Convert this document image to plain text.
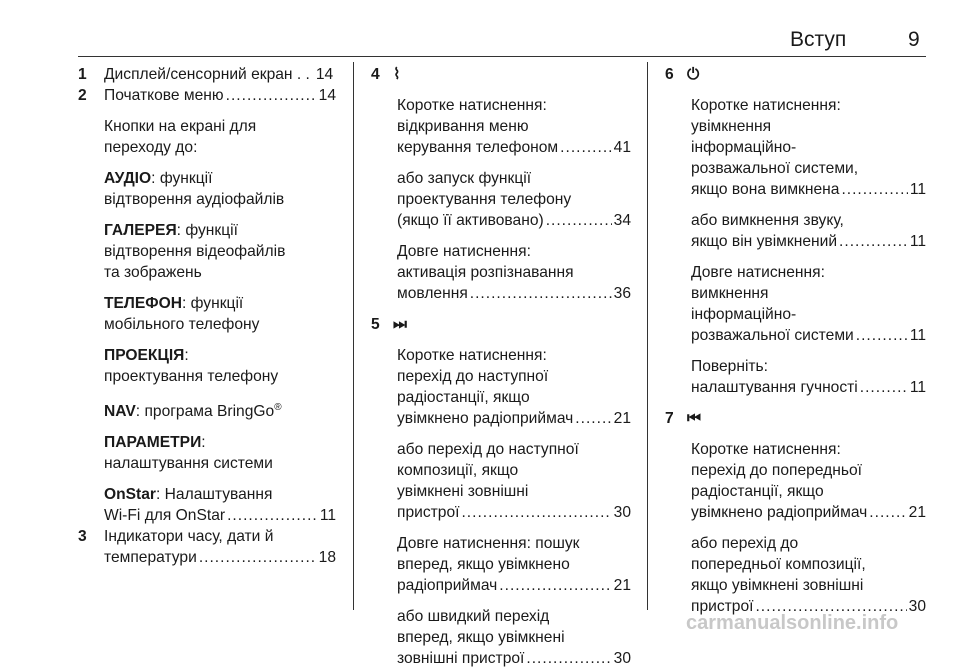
Вступ	9
1 Дисплей/сенсорний екран . . 14
2 Початкове меню .....	14
Кнопки на екрані для
переходу до:
АУДІО: функції
відтворення аудіофайлів
ГАЛЕРЕЯ: функції
відтворення відеофайлів
та зображень
ТЕЛЕФОН: функції
мобільного телефону
ПРОЕКЦІЯ:
проектування телефону
NAV: програма BringGo®
ПАРАМЕТРИ:
налаштування системи
OnStar: Налаштування
Wi-Fi для OnStar .....	11
3 Індикатори часу, дати й
температури .....	18
4 ⌇
Коротке натиснення:
відкривання меню
керування телефоном .....	41
або запуск функції
проектування телефону
(якщо її активовано) .....	34
Довге натиснення:
активація розпізнавання
мовлення .....	36
5 ⏭
Коротке натиснення:
перехід до наступної
радіостанції, якщо
увімкнено радіоприймач .....	21
або перехід до наступної
композиції, якщо
увімкнені зовнішні
пристрої .....	30
Довге натиснення: пошук
вперед, якщо увімкнено
радіоприймач .....	21
або швидкий перехід
вперед, якщо увімкнені
зовнішні пристрої .....	30
6 ⏻
Коротке натиснення:
увімкнення
інформаційно-
розважальної системи,
якщо вона вимкнена .....	11
або вимкнення звуку,
якщо він увімкнений .....	11
Довге натиснення:
вимкнення
інформаційно-
розважальної системи .....	11
Поверніть:
налаштування гучності .....	11
7 ⏮
Коротке натиснення:
перехід до попередньої
радіостанції, якщо
увімкнено радіоприймач .....	21
або перехід до
попередньої композиції,
якщо увімкнені зовнішні
пристрої .....	30
carmanualsonline.info
